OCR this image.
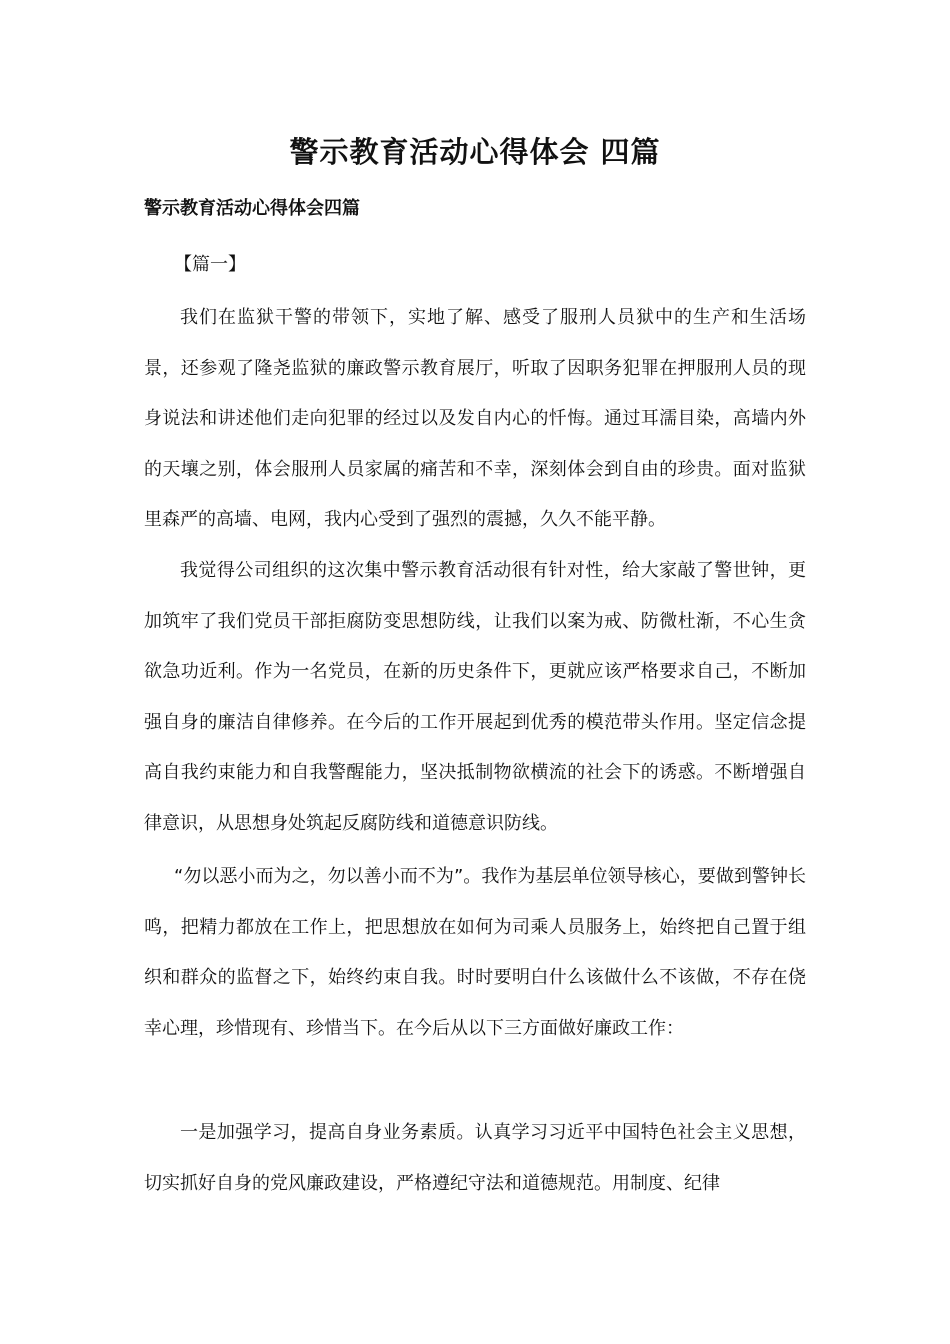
警示教育活动心得体会 四篇
警示教育活动心得体会四篇

【篇一】

我们在监狱干警的带领下，实地了解、感受了服刑人员狱中的生产和生活场景，还参观了隆尧监狱的廉政警示教育展厅，听取了因职务犯罪在押服刑人员的现身说法和讲述他们走向犯罪的经过以及发自内心的忏悔。通过耳濡目染，高墙内外的天壤之别，体会服刑人员家属的痛苦和不幸，深刻体会到自由的珍贵。面对监狱里森严的高墙、电网，我内心受到了强烈的震撼，久久不能平静。

我觉得公司组织的这次集中警示教育活动很有针对性，给大家敲了警世钟，更加筑牢了我们党员干部拒腐防变思想防线，让我们以案为戒、防微杜渐，不心生贪欲急功近利。作为一名党员，在新的历史条件下，更就应该严格要求自己，不断加强自身的廉洁自律修养。在今后的工作开展起到优秀的模范带头作用。坚定信念提高自我约束能力和自我警醒能力，坚决抵制物欲横流的社会下的诱惑。不断增强自律意识，从思想身处筑起反腐防线和道德意识防线。

“勿以恶小而为之，勿以善小而不为”。我作为基层单位领导核心，要做到警钟长鸣，把精力都放在工作上，把思想放在如何为司乘人员服务上，始终把自己置于组织和群众的监督之下，始终约束自我。时时要明白什么该做什么不该做，不存在侥幸心理，珍惜现有、珍惜当下。在今后从以下三方面做好廉政工作：

一是加强学习，提高自身业务素质。认真学习习近平中国特色社会主义思想，切实抓好自身的党风廉政建设，严格遵纪守法和道德规范。用制度、纪律
